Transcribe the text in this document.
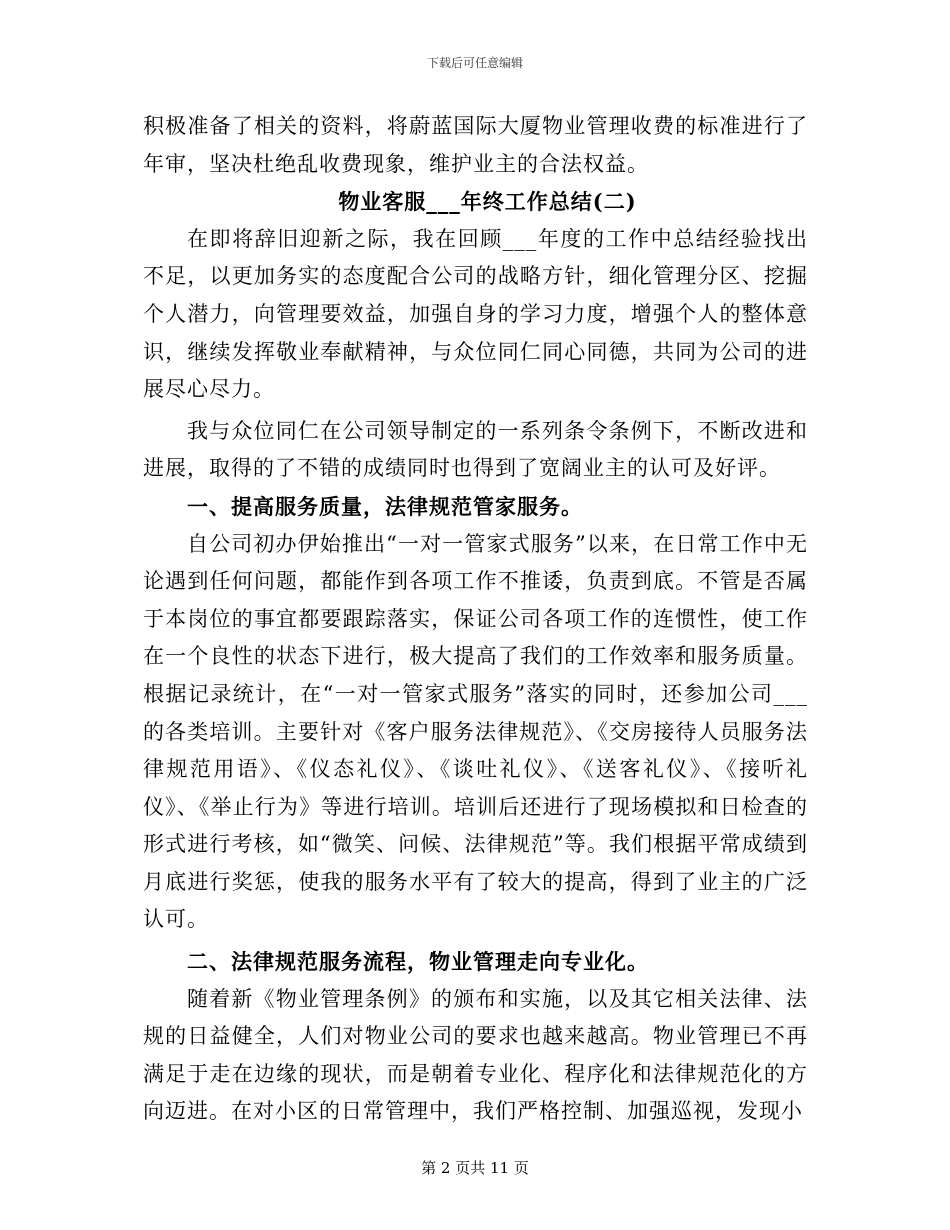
下载后可任意编辑

积极准备了相关的资料，将蔚蓝国际大厦物业管理收费的标准进行了年审，坚决杜绝乱收费现象，维护业主的合法权益。

物业客服___年终工作总结(二)

在即将辞旧迎新之际，我在回顾___年度的工作中总结经验找出不足，以更加务实的态度配合公司的战略方针，细化管理分区、挖掘个人潜力，向管理要效益，加强自身的学习力度，增强个人的整体意识，继续发挥敬业奉献精神，与众位同仁同心同德，共同为公司的进展尽心尽力。

我与众位同仁在公司领导制定的一系列条令条例下，不断改进和进展，取得的了不错的成绩同时也得到了宽阔业主的认可及好评。

一、提高服务质量，法律规范管家服务。

自公司初办伊始推出“一对一管家式服务”以来，在日常工作中无论遇到任何问题，都能作到各项工作不推诿，负责到底。不管是否属于本岗位的事宜都要跟踪落实，保证公司各项工作的连惯性，使工作在一个良性的状态下进行，极大提高了我们的工作效率和服务质量。根据记录统计，在“一对一管家式服务”落实的同时，还参加公司___的各类培训。主要针对《客户服务法律规范》、《交房接待人员服务法律规范用语》、《仪态礼仪》、《谈吐礼仪》、《送客礼仪》、《接听礼仪》、《举止行为》等进行培训。培训后还进行了现场模拟和日检查的形式进行考核，如“微笑、问候、法律规范”等。我们根据平常成绩到月底进行奖惩，使我的服务水平有了较大的提高，得到了业主的广泛认可。

二、法律规范服务流程，物业管理走向专业化。

随着新《物业管理条例》的颁布和实施，以及其它相关法律、法规的日益健全，人们对物业公司的要求也越来越高。物业管理已不再满足于走在边缘的现状，而是朝着专业化、程序化和法律规范化的方向迈进。在对小区的日常管理中，我们严格控制、加强巡视，发现小

第 2 页共 11 页
